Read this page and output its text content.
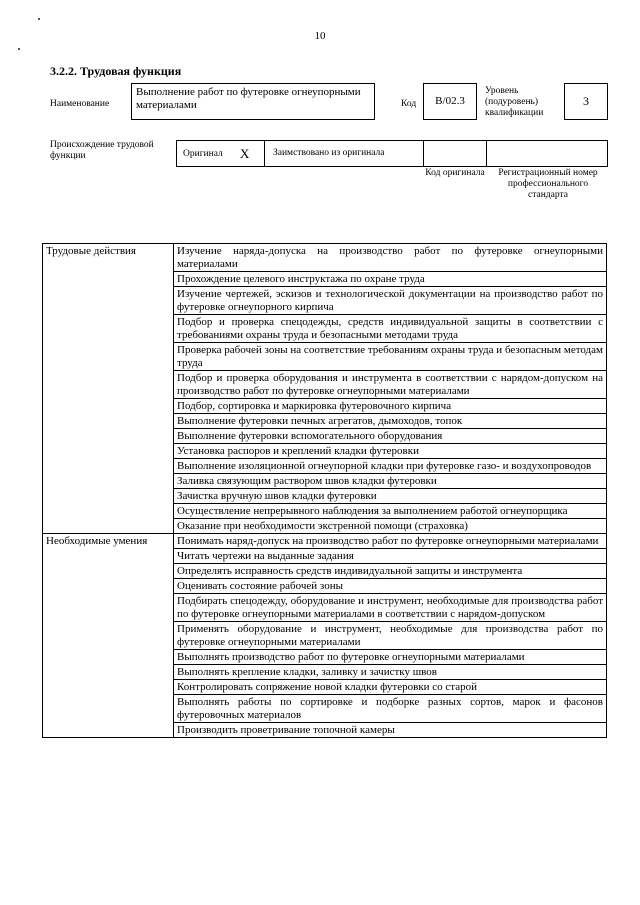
10
3.2.2. Трудовая функция
Наименование
Выполнение работ по футеровке огнеупорными материалами	Код	В/02.3
Уровень (подуровень) квалификации
3
Происхождение трудовой функции	Оригинал X Заимствовано из оригинала
Код оригинала Регистрационный номер профессионального стандарта
Трудовые действия	Изучение наряда-допуска на производство работ по футеровке огнеупорными материалами

	Прохождение целевого инструктажа по охране труда

	Изучение чертежей, эскизов и технологической документации на производство работ по футеровке огнеупорного кирпича

	Подбор и проверка спецодежды, средств индивидуальной защиты в соответствии с требованиями охраны труда и безопасными методами труда

	Проверка рабочей зоны на соответствие требованиям охраны труда и безопасным методам труда

	Подбор и проверка оборудования и инструмента в соответствии с нарядом-допуском на производство работ по футеровке огнеупорными материалами

	Подбор, сортировка и маркировка футеровочного кирпича

	Выполнение футеровки печных агрегатов, дымоходов, топок

	Выполнение футеровки вспомогательного оборудования

	Установка распоров и креплений кладки футеровки

	Выполнение изоляционной огнеупорной кладки при футеровке газо- и воздухопроводов

	Заливка связующим раствором швов кладки футеровки

	Зачистка вручную швов кладки футеровки

	Осуществление непрерывного наблюдения за выполнением работой огнеупорщика

	Оказание при необходимости экстренной помощи (страховка)

Необходимые умения	Понимать наряд-допуск на производство работ по футеровке огнеупорными материалами

	Читать чертежи на выданные задания

	Определять исправность средств индивидуальной защиты и инструмента

	Оценивать состояние рабочей зоны

	Подбирать спецодежду, оборудование и инструмент, необходимые для производства работ по футеровке огнеупорными материалами в соответствии с нарядом-допуском

	Применять оборудование и инструмент, необходимые для производства работ по футеровке огнеупорными материалами

	Выполнять производство работ по футеровке огнеупорными материалами

	Выполнять крепление кладки, заливку и зачистку швов

	Контролировать сопряжение новой кладки футеровки со старой

	Выполнять работы по сортировке и подборке разных сортов, марок и фасонов футеровочных материалов

	Производить проветривание топочной камеры
